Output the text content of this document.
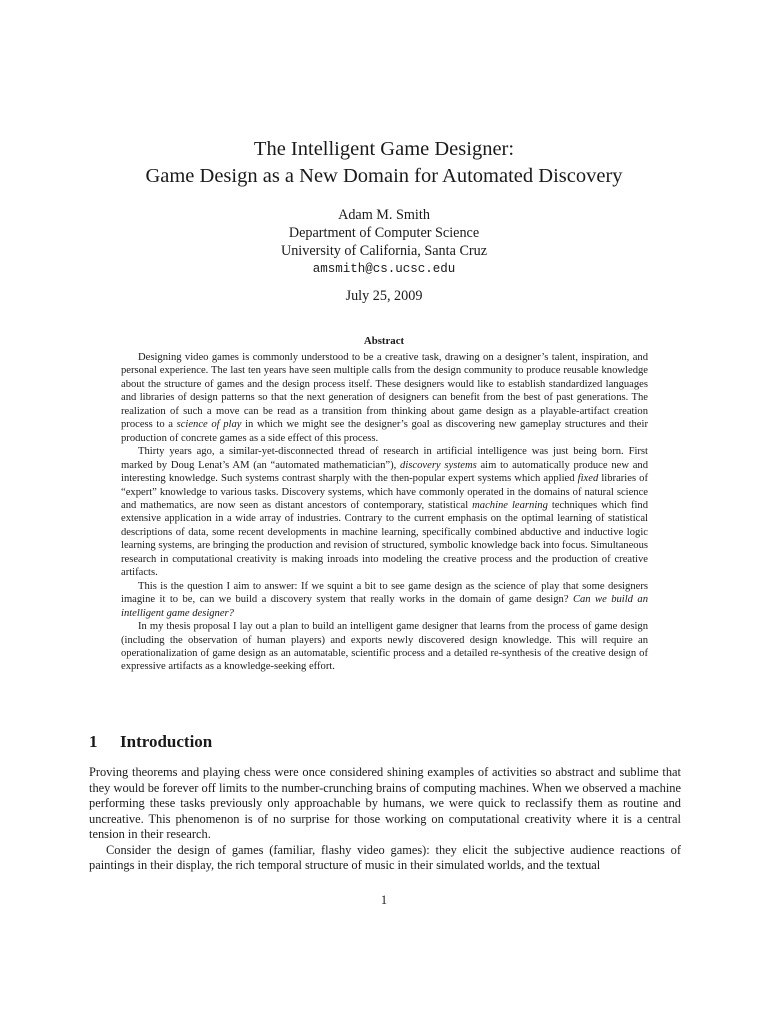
The Intelligent Game Designer:
Game Design as a New Domain for Automated Discovery
Adam M. Smith
Department of Computer Science
University of California, Santa Cruz
amsmith@cs.ucsc.edu
July 25, 2009
Abstract

Designing video games is commonly understood to be a creative task, drawing on a designer’s talent, inspiration, and personal experience. The last ten years have seen multiple calls from the design community to produce reusable knowledge about the structure of games and the design process itself. These designers would like to establish standardized languages and libraries of design patterns so that the next generation of designers can benefit from the best of past generations. The realization of such a move can be read as a transition from thinking about game design as a playable-artifact creation process to a science of play in which we might see the designer’s goal as discovering new gameplay structures and their production of concrete games as a side effect of this process.

Thirty years ago, a similar-yet-disconnected thread of research in artificial intelligence was just being born. First marked by Doug Lenat’s AM (an “automated mathematician”), discovery systems aim to automatically produce new and interesting knowledge. Such systems contrast sharply with the then-popular expert systems which applied fixed libraries of “expert” knowledge to various tasks. Discovery systems, which have commonly operated in the domains of natural science and mathematics, are now seen as distant ancestors of contemporary, statistical machine learning techniques which find extensive application in a wide array of industries. Contrary to the current emphasis on the optimal learning of statistical descriptions of data, some recent developments in machine learning, specifically combined abductive and inductive logic learning systems, are bringing the production and revision of structured, symbolic knowledge back into focus. Simultaneous research in computational creativity is making inroads into modeling the creative process and the production of creative artifacts.

This is the question I aim to answer: If we squint a bit to see game design as the science of play that some designers imagine it to be, can we build a discovery system that really works in the domain of game design? Can we build an intelligent game designer?

In my thesis proposal I lay out a plan to build an intelligent game designer that learns from the process of game design (including the observation of human players) and exports newly discovered design knowledge. This will require an operationalization of game design as an automatable, scientific process and a detailed re-synthesis of the creative design of expressive artifacts as a knowledge-seeking effort.

1 Introduction

Proving theorems and playing chess were once considered shining examples of activities so abstract and sublime that they would be forever off limits to the number-crunching brains of computing machines. When we observed a machine performing these tasks previously only approachable by humans, we were quick to reclassify them as routine and uncreative. This phenomenon is of no surprise for those working on computational creativity where it is a central tension in their research.

Consider the design of games (familiar, flashy video games): they elicit the subjective audience reactions of paintings in their display, the rich temporal structure of music in their simulated worlds, and the textual

1
